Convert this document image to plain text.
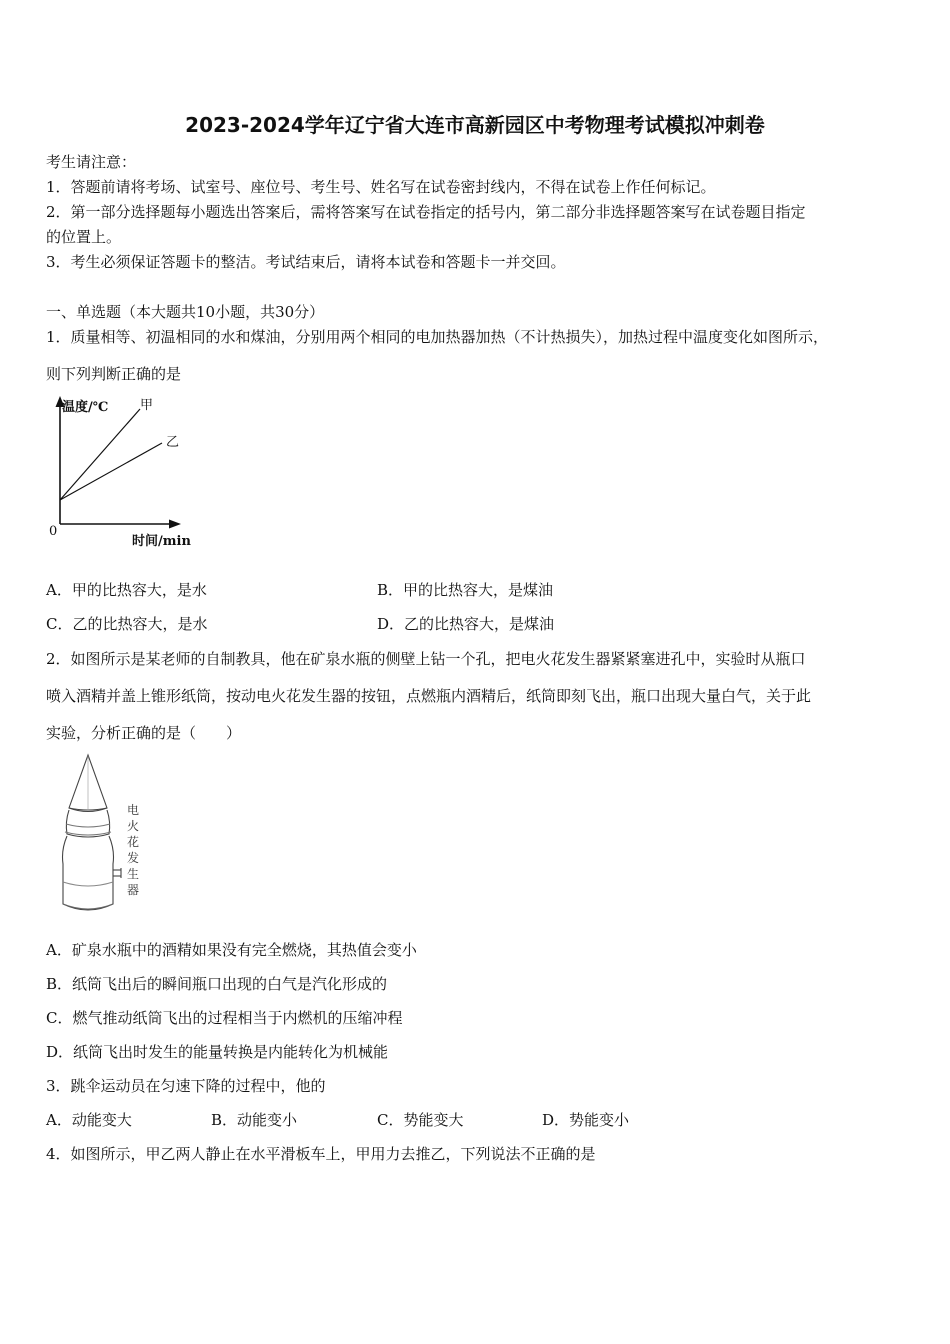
2023-2024学年辽宁省大连市高新园区中考物理考试模拟冲刺卷
考生请注意：
1．答题前请将考场、试室号、座位号、考生号、姓名写在试卷密封线内，不得在试卷上作任何标记。
2．第一部分选择题每小题选出答案后，需将答案写在试卷指定的括号内，第二部分非选择题答案写在试卷题目指定
的位置上。
3．考生必须保证答题卡的整洁。考试结束后，请将本试卷和答题卡一并交回。
一、单选题（本大题共10小题，共30分）
1．质量相等、初温相同的水和煤油，分别用两个相同的电加热器加热（不计热损失），加热过程中温度变化如图所示，
则下列判断正确的是
温度/℃ 甲
乙
0
时间/min
A．甲的比热容大，是水	B．甲的比热容大，是煤油
C．乙的比热容大，是水	D．乙的比热容大，是煤油
2．如图所示是某老师的自制教具，他在矿泉水瓶的侧壁上钻一个孔，把电火花发生器紧紧塞进孔中，实验时从瓶口
喷入酒精并盖上锥形纸筒，按动电火花发生器的按钮，点燃瓶内酒精后，纸筒即刻飞出，瓶口出现大量白气，关于此
实验，分析正确的是（　　）
电
火
花
发
生
器
A．矿泉水瓶中的酒精如果没有完全燃烧，其热值会变小
B．纸筒飞出后的瞬间瓶口出现的白气是汽化形成的
C．燃气推动纸筒飞出的过程相当于内燃机的压缩冲程
D．纸筒飞出时发生的能量转换是内能转化为机械能
3．跳伞运动员在匀速下降的过程中，他的
A．动能变大	B．动能变小	C．势能变大	D．势能变小
4．如图所示，甲乙两人静止在水平滑板车上，甲用力去推乙，下列说法不正确的是
